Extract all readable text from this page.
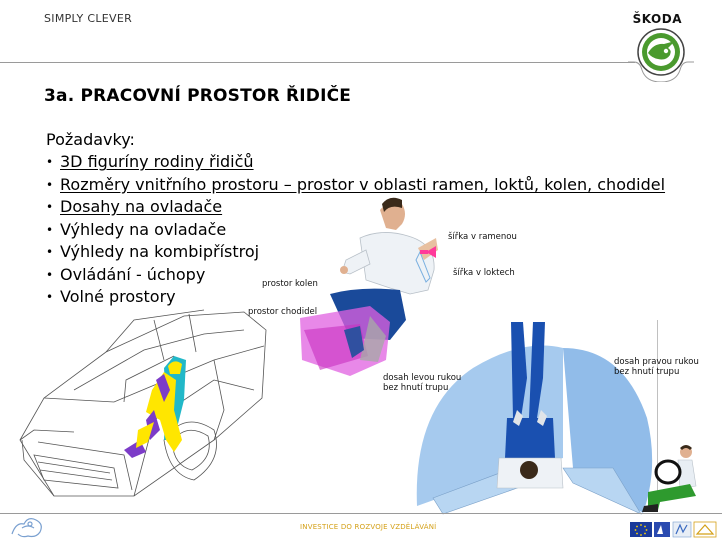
SIMPLY CLEVER	ŠKODA
3a. PRACOVNÍ PROSTOR ŘIDIČE
Požadavky:
• 3D figuríny rodiny řidičů
• Rozměry vnitřního prostoru – prostor v oblasti ramen, loktů, kolen, chodidel
• Dosahy na ovladače
• Výhledy na ovladače
• Výhledy na kombipřístroj
• Ovládání - úchopy
• Volné prostory
šířka v ramenou
šířka v loktech
prostor kolen
prostor chodidel
dosah levou rukou
bez hnutí trupu
dosah pravou rukou
bez hnutí trupu
INVESTICE DO ROZVOJE VZDĚLÁVÁNÍ
